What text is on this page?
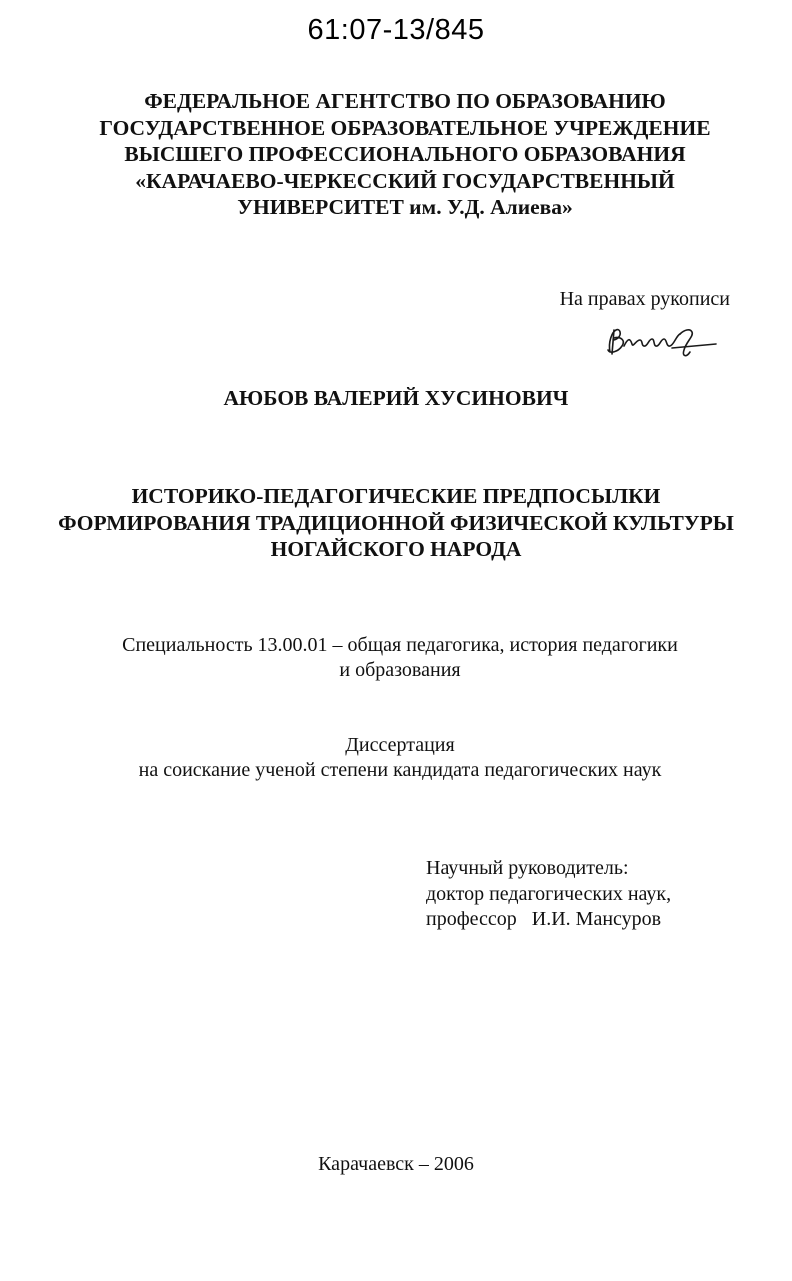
61:07-13/845
ФЕДЕРАЛЬНОЕ АГЕНТСТВО ПО ОБРАЗОВАНИЮ
ГОСУДАРСТВЕННОЕ ОБРАЗОВАТЕЛЬНОЕ УЧРЕЖДЕНИЕ
ВЫСШЕГО ПРОФЕССИОНАЛЬНОГО ОБРАЗОВАНИЯ
«КАРАЧАЕВО-ЧЕРКЕССКИЙ ГОСУДАРСТВЕННЫЙ
УНИВЕРСИТЕТ им. У.Д. Алиева»
На правах рукописи
АЮБОВ ВАЛЕРИЙ ХУСИНОВИЧ
ИСТОРИКО-ПЕДАГОГИЧЕСКИЕ ПРЕДПОСЫЛКИ
ФОРМИРОВАНИЯ ТРАДИЦИОННОЙ ФИЗИЧЕСКОЙ КУЛЬТУРЫ
НОГАЙСКОГО НАРОДА
Специальность 13.00.01 – общая педагогика, история педагогики
и образования
Диссертация
на соискание ученой степени кандидата педагогических наук
Научный руководитель:
доктор педагогических наук,
профессор   И.И. Мансуров
Карачаевск – 2006
